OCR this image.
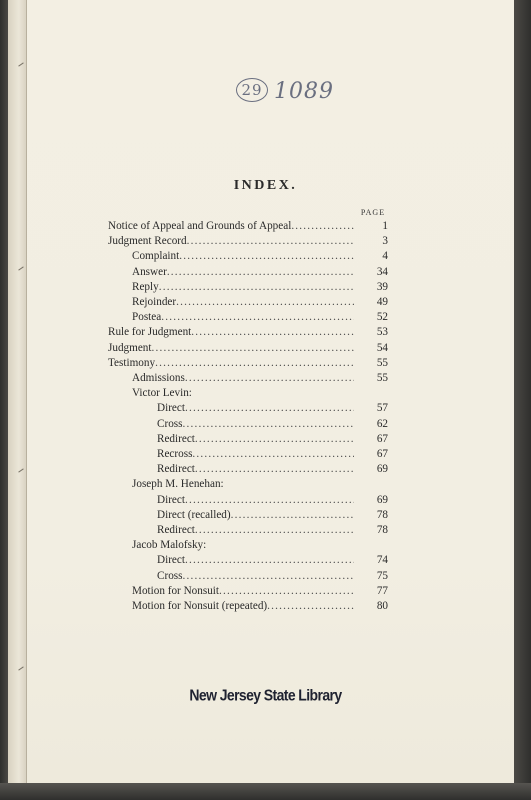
29 1089
INDEX.
PAGE
1
Notice of Appeal and Grounds of Appeal
.....
3
Judgment Record
.....
4
Complaint
.....
34
Answer
.....
39
Reply
.....
49
Rejoinder
.....
52
Postea
.....
53
Rule for Judgment
.....
54
Judgment
.....
55
Testimony
.....
55
Admissions
.....
Victor Levin:
57
Direct
.....
62
Cross
.....
67
Redirect
.....
67
Recross
.....
69
Redirect
.....
Joseph M. Henehan:
69
Direct
.....
78
Direct (recalled)
.....
78
Redirect
.....
Jacob Malofsky:
74
Direct
.....
75
Cross
.....
77
Motion for Nonsuit
.....
80
Motion for Nonsuit (repeated)
.....
New Jersey State Library
